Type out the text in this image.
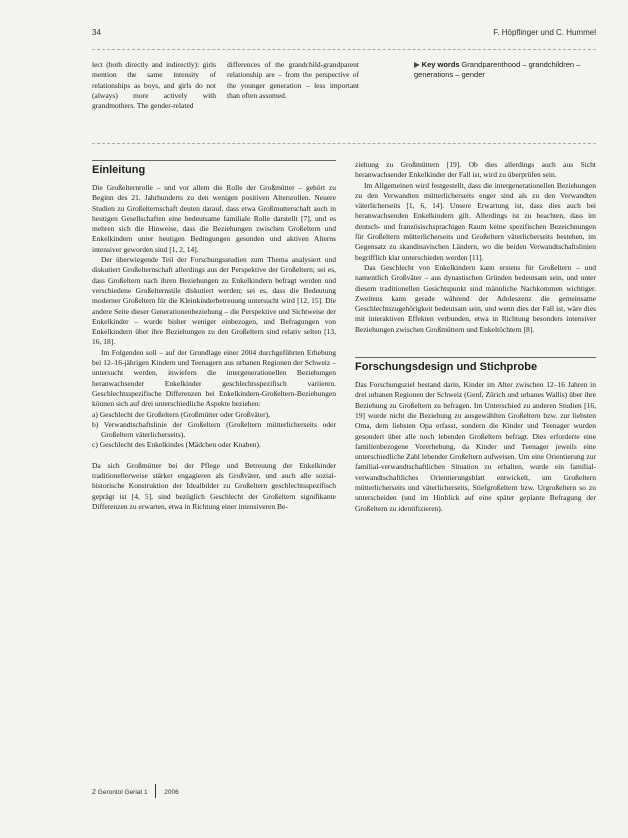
34	F. Höpflinger und C. Hummel

lect (both directly and indirectly): girls mention the same intensity of relationships as boys, and girls do not (always) more actively with grandmothers. The gender-related

differences of the grandchild-grandparent relationship are – from the perspective of the younger generation – less important than often assumed.

▶ Key words Grandparenthood – grandchildren – generations – gender

Einleitung

Die Großelternrolle – und vor allem die Rolle der Großmütter – gehört zu Beginn des 21. Jahrhunderts zu den wenigen positiven Altersrollen. Neuere Studien zu Großelternschaft deuten darauf, dass etwa Großmutterschaft auch in heutigen Gesellschaften eine bedeutsame familiale Rolle darstellt [7], und es mehren sich die Hinweise, dass die Beziehungen zwischen Großeltern und Enkelkindern unter heutigen Bedingungen gesunden und aktiven Alterns intensiver geworden sind [1, 2, 14].

Der überwiegende Teil der Forschungsstudien zum Thema analysiert und diskutiert Großelternschaft allerdings aus der Perspektive der Großeltern; sei es, dass Großeltern nach ihren Beziehungen zu Enkelkindern befragt werden und verschiedene Großelternstile diskutiert werden; sei es, dass die Bedeutung moderner Großeltern für die Kleinkinderbetreuung untersucht wird [12, 15]. Die andere Seite dieser Generationenbeziehung – die Perspektive und Sichtweise der Enkelkinder – wurde bisher weniger einbezogen, und Befragungen von Enkelkindern über ihre Beziehungen zu den Großeltern sind relativ selten [13, 16, 18].

Im Folgenden soll – auf der Grundlage einer 2004 durchgeführten Erhebung bei 12–16-jährigen Kindern und Teenagern aus urbanen Regionen der Schweiz – untersucht werden, inwiefern die intergenerationellen Beziehungen heranwachsender Enkelkinder geschlechtsspezifisch variieren. Geschlechtsspezifische Differenzen bei Enkelkindern-Großeltern-Beziehungen können sich auf drei unterschiedliche Aspekte beziehen:

a) Geschlecht der Großeltern (Großmütter oder Großväter),

b) Verwandtschaftslinie der Großeltern (Großeltern mütterlicherseits oder Großeltern väterlicherseits),

c) Geschlecht des Enkelkindes (Mädchen oder Knaben).

Da sich Großmütter bei der Pflege und Betreuung der Enkelkinder traditionellerweise stärker engagieren als Großväter, und auch alle sozial-historische Konstruktion der Idealbilder zu Großeltern geschlechtsspezifisch geprägt ist [4, 5], sind bezüglich Geschlecht der Großeltern signifikante Differenzen zu erwarten, etwa in Richtung einer intensiveren Be-

ziehung zu Großmüttern [19]. Ob dies allerdings auch aus Sicht heranwachsender Enkelkinder der Fall ist, wird zu überprüfen sein.

Im Allgemeinen wird festgestellt, dass die intergenerationellen Beziehungen zu den Verwandten mütterlicherseits enger sind als zu den Verwandten väterlicherseits [1, 6, 14]. Unsere Erwartung ist, dass dies auch bei heranwachsenden Enkelkindern gilt. Allerdings ist zu beachten, dass im deutsch- und französischsprachigen Raum keine spezifischen Bezeichnungen für Großeltern mütterlicherseits und Großeltern väterlicherseits bestehen, im Gegensatz zu skandinavischen Ländern, wo die beiden Verwandtschaftslinien begrifflich klar unterschieden werden [11].

Das Geschlecht von Enkelkindern kann erstens für Großeltern – und namentlich Großväter – aus dynastischen Gründen bedeutsam sein, und unter diesem traditionellen Gesichtspunkt sind männliche Nachkommen wichtiger. Zweitens kann gerade während der Adoleszenz die gemeinsame Geschlechtszugehörigkeit bedeutsam sein, und wenn dies der Fall ist, wäre dies mit interaktiven Effekten verbunden, etwa in Richtung besonders intensiver Beziehungen zwischen Großmüttern und Enkeltöchtern [8].

Forschungsdesign und Stichprobe

Das Forschungsziel bestand darin, Kinder im Alter zwischen 12–16 Jahren in drei urbanen Regionen der Schweiz (Genf, Zürich und urbanes Wallis) über ihre Beziehung zu Großeltern zu befragen. Im Unterschied zu anderen Studien [16, 19] wurde nicht die Beziehung zu ausgewählten Großeltern bzw. zur liebsten Oma, dem liebsten Opa erfasst, sondern die Kinder und Teenager wurden gesondert über alle noch lebenden Großeltern befragt. Dies erforderte eine familienbezogene Vorerhebung, da Kinder und Teenager jeweils eine unterschiedliche Zahl lebender Großeltern aufweisen. Um eine Orientierung zur familial-verwandtschaftlichen Situation zu erhalten, wurde ein familial-verwandtschaftliches Orientierungsblatt entwickelt, um Großeltern mütterlicherseits und väterlicherseits, Stiefgroßeltern bzw. Urgroßeltern so zu unterscheiden (und im Hinblick auf eine später geplante Befragung der Großeltern zu identifizieren).

Z Gerontol Geriat 1	2006
